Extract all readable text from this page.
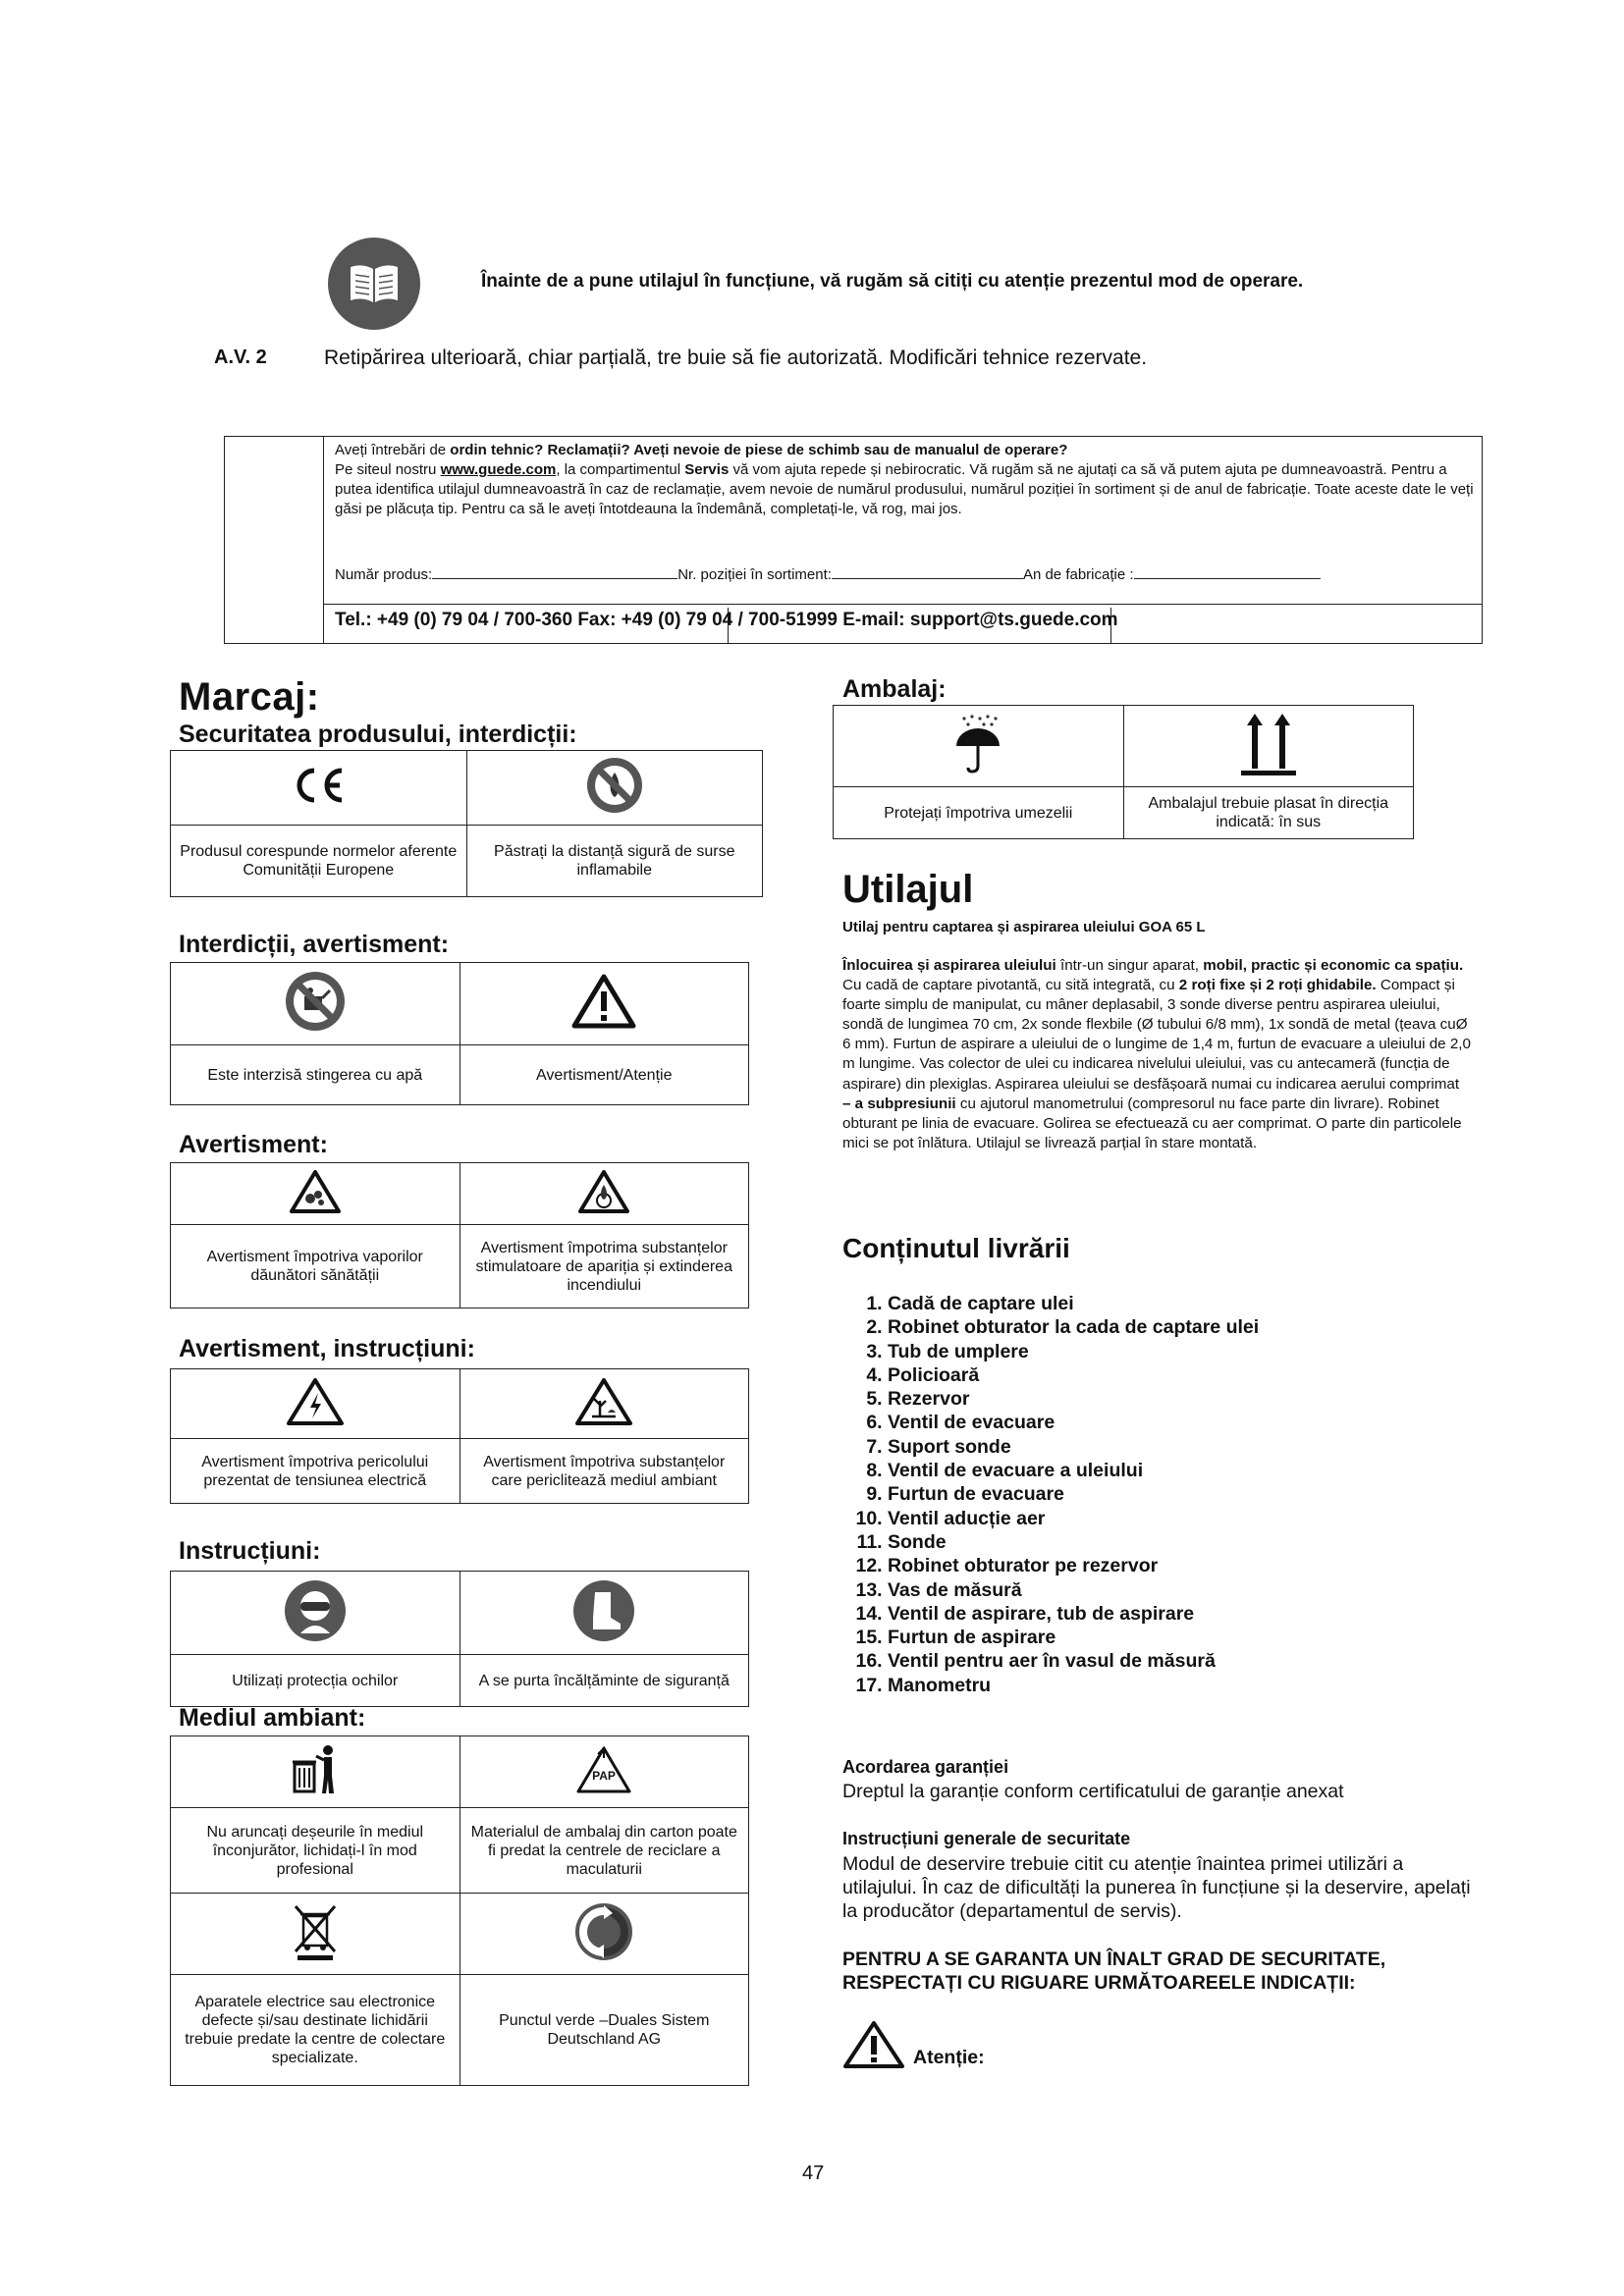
Înainte de a pune utilajul în funcțiune, vă rugăm să citiți cu atenție prezentul mod de operare.
A.V. 2	Retipărirea ulterioară, chiar parțială, tre buie să fie autorizată. Modificări tehnice rezervate.
Aveți întrebări de ordin tehnic? Reclamații? Aveți nevoie de piese de schimb sau de manualul de operare?
Pe siteul nostru www.guede.com, la compartimentul Servis vă vom ajuta repede și nebirocratic. Vă rugăm să ne ajutați ca să vă putem ajuta pe dumneavoastră. Pentru a putea identifica utilajul dumneavoastră în caz de reclamație, avem nevoie de numărul produsului, numărul poziției în sortiment și de anul de fabricație. Toate aceste date le veți găsi pe plăcuța tip. Pentru ca să le aveți întotdeauna la îndemână, completați-le, vă rog, mai jos.
Număr produs:	Nr. poziției în sortiment:	An de fabricație :
Tel.: +49 (0) 79 04 / 700-360 Fax: +49 (0) 79 04 / 700-51999 E-mail: support@ts.guede.com
Marcaj:
Securitatea produsului, interdicții:

Produsul corespunde normelor aferente Comunității Europene	Păstrați la distanță sigură de surse inflamabile
Interdicții, avertisment:

Este interzisă stingerea cu apă	Avertisment/Atenție
Avertisment:

Avertisment împotriva vaporilor dăunători sănătății	Avertisment împotrima substanțelor stimulatoare de apariția și extinderea incendiului
Avertisment, instrucțiuni:

Avertisment împotriva pericolului prezentat de tensiunea electrică	Avertisment împotriva substanțelor care periclitează mediul ambiant
Instrucțiuni:

Utilizați protecția ochilor	A se purta încălțăminte de siguranță
Mediul ambiant:

PAP

Nu aruncați deșeurile în mediul înconjurător, lichidați-l în mod profesional	Materialul de ambalaj din carton poate fi predat la centrele de reciclare a maculaturii

Aparatele electrice sau electronice defecte și/sau destinate lichidării trebuie predate la centre de colectare specializate.	Punctul verde –Duales Sistem Deutschland AG
Ambalaj:

Protejați împotriva umezelii	Ambalajul trebuie plasat în direcția indicată: în sus
Utilajul
Utilaj pentru captarea și aspirarea uleiului GOA 65 L
Înlocuirea și aspirarea uleiului într-un singur aparat, mobil, practic și economic ca spațiu. Cu cadă de captare pivotantă, cu sită integrată, cu 2 roți fixe și 2 roți ghidabile. Compact și foarte simplu de manipulat, cu mâner deplasabil, 3 sonde diverse pentru aspirarea uleiului, sondă de lungimea 70 cm, 2x sonde flexbile (Ø tubului 6/8 mm), 1x sondă de metal (țeava cuØ 6 mm). Furtun de aspirare a uleiului de o lungime de 1,4 m, furtun de evacuare a uleiului de 2,0 m lungime. Vas colector de ulei cu indicarea nivelului uleiului, vas cu antecameră (funcția de aspirare) din plexiglas. Aspirarea uleiului se desfășoară numai cu indicarea aerului comprimat – a subpresiunii cu ajutorul manometrului (compresorul nu face parte din livrare). Robinet obturant pe linia de evacuare. Golirea se efectuează cu aer comprimat. O parte din particolele mici se pot înlătura. Utilajul se livrează parțial în stare montată.
Conținutul livrării
1. Cadă de captare ulei
2. Robinet obturator la cada de captare ulei
3. Tub de umplere
4. Policioară
5. Rezervor
6. Ventil de evacuare
7. Suport sonde
8. Ventil de evacuare a uleiului
9. Furtun de evacuare
10. Ventil aducție aer
11. Sonde
12. Robinet obturator pe rezervor
13. Vas de măsură
14. Ventil de aspirare, tub de aspirare
15. Furtun de aspirare
16. Ventil pentru aer în vasul de măsură
17. Manometru
Acordarea garanției
Dreptul la garanție conform certificatului de garanție anexat
Instrucțiuni generale de securitate
Modul de deservire trebuie citit cu atenție înaintea primei utilizări a utilajului. În caz de dificultăți la punerea în funcțiune și la deservire, apelați la producător (departamentul de servis).
PENTRU A SE GARANTA UN ÎNALT GRAD DE SECURITATE, RESPECTAȚI CU RIGUARE URMĂTOAREELE INDICAȚII:
Atenție:
47
